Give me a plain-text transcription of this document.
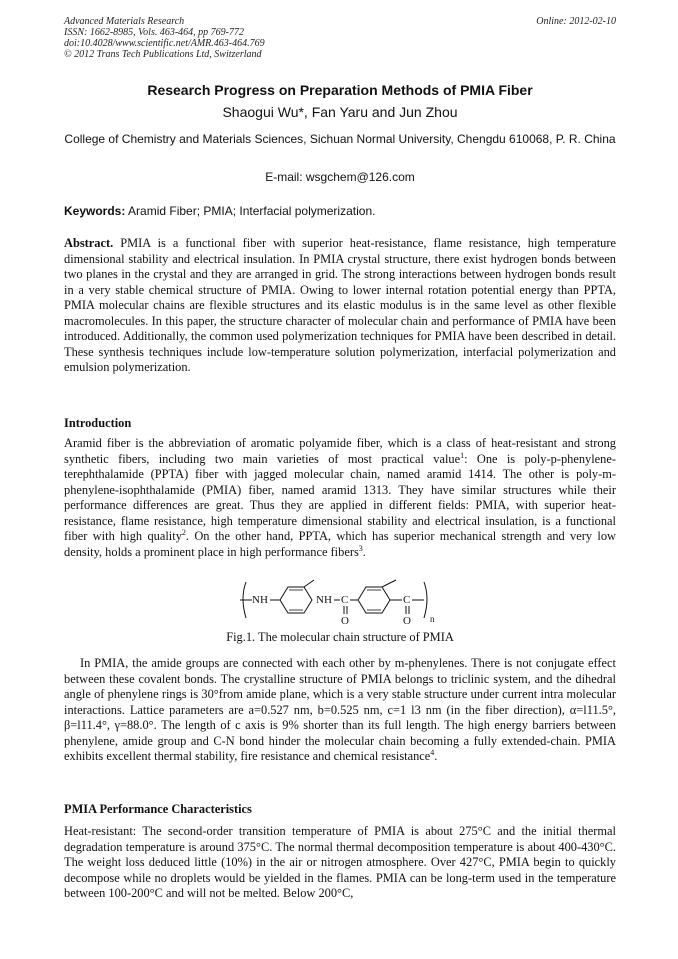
Advanced Materials Research
ISSN: 1662-8985, Vols. 463-464, pp 769-772
doi:10.4028/www.scientific.net/AMR.463-464.769
© 2012 Trans Tech Publications Ltd, Switzerland
Online: 2012-02-10
Research Progress on Preparation Methods of PMIA Fiber
Shaogui Wu*, Fan Yaru and Jun Zhou
College of Chemistry and Materials Sciences, Sichuan Normal University, Chengdu 610068, P. R. China
E-mail: wsgchem@126.com
Keywords: Aramid Fiber; PMIA; Interfacial polymerization.
Abstract. PMIA is a functional fiber with superior heat-resistance, flame resistance, high temperature dimensional stability and electrical insulation. In PMIA crystal structure, there exist hydrogen bonds between two planes in the crystal and they are arranged in grid. The strong interactions between hydrogen bonds result in a very stable chemical structure of PMIA. Owing to lower internal rotation potential energy than PPTA, PMIA molecular chains are flexible structures and its elastic modulus is in the same level as other flexible macromolecules. In this paper, the structure character of molecular chain and performance of PMIA have been introduced. Additionally, the common used polymerization techniques for PMIA have been described in detail. These synthesis techniques include low-temperature solution polymerization, interfacial polymerization and emulsion polymerization.
Introduction
Aramid fiber is the abbreviation of aromatic polyamide fiber, which is a class of heat-resistant and strong synthetic fibers, including two main varieties of most practical value$^1$: One is poly-p-phenylene-terephthalamide (PPTA) fiber with jagged molecular chain, named aramid 1414. The other is poly-m-phenylene-isophthalamide (PMIA) fiber, named aramid 1313. They have similar structures while their performance differences are great. Thus they are applied in different fields: PMIA, with superior heat-resistance, flame resistance, high temperature dimensional stability and electrical insulation, is a functional fiber with high quality$^2$. On the other hand, PPTA, which has superior mechanical strength and very low density, holds a prominent place in high performance fibers$^3$.
NH	NH C
O
C
O n
Fig.1. The molecular chain structure of PMIA
In PMIA, the amide groups are connected with each other by m-phenylenes. There is not conjugate effect between these covalent bonds. The crystalline structure of PMIA belongs to triclinic system, and the dihedral angle of phenylene rings is 30°from amide plane, which is a very stable structure under current intra molecular interactions. Lattice parameters are a=0.527 nm, b=0.525 nm, c=1 l3 nm (in the fiber direction), α=l11.5°, β=l11.4°, γ=88.0°. The length of c axis is 9% shorter than its full length. The high energy barriers between phenylene, amide group and C-N bond hinder the molecular chain becoming a fully extended-chain. PMIA exhibits excellent thermal stability, fire resistance and chemical resistance$^4$.
PMIA Performance Characteristics
Heat-resistant: The second-order transition temperature of PMIA is about 275°C and the initial thermal degradation temperature is around 375°C. The normal thermal decomposition temperature is about 400-430°C. The weight loss deduced little (10%) in the air or nitrogen atmosphere. Over 427°C, PMIA begin to quickly decompose while no droplets would be yielded in the flames. PMIA can be long-term used in the temperature between 100-200°C and will not be melted. Below 200°C,
